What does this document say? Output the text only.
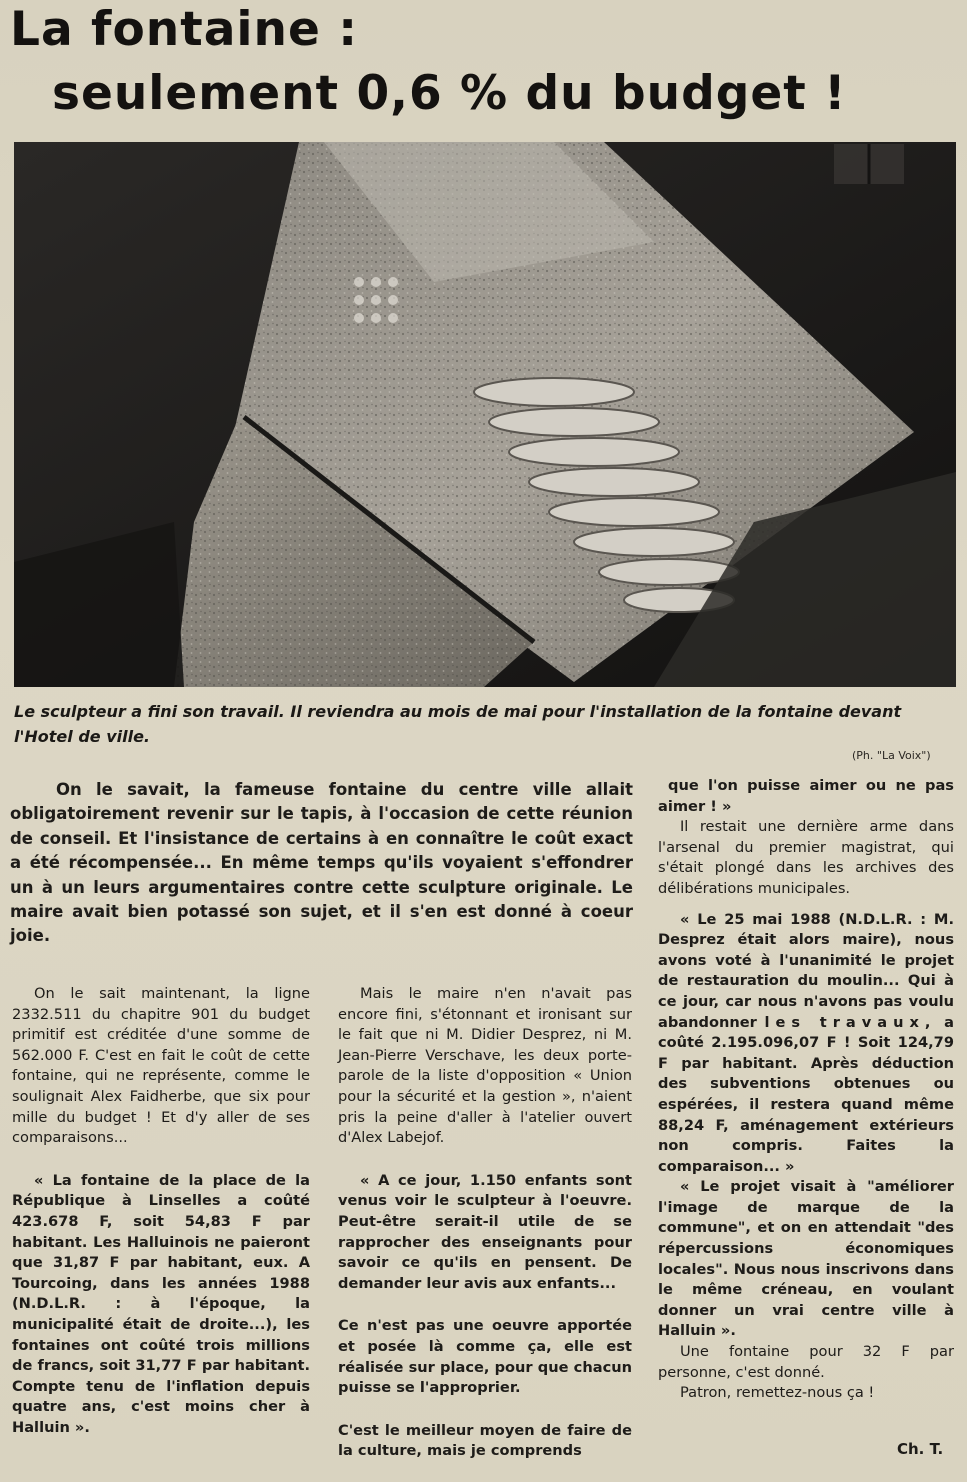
La fontaine :
seulement 0,6 % du budget !
Le sculpteur a fini son travail. Il reviendra au mois de mai pour l'installation de la fontaine devant l'Hotel de ville.
(Ph. "La Voix")

On le savait, la fameuse fontaine du centre ville allait obligatoirement revenir sur le tapis, à l'occasion de cette réunion de conseil. Et l'insistance de certains à en connaître le coût exact a été récompensée... En même temps qu'ils voyaient s'effondrer un à un leurs argumentaires contre cette sculpture originale. Le maire avait bien potassé son sujet, et il s'en est donné à coeur joie.

On le sait maintenant, la ligne 2332.511 du chapitre 901 du budget primitif est créditée d'une somme de 562.000 F. C'est en fait le coût de cette fontaine, qui ne représente, comme le soulignait Alex Faidherbe, que six pour mille du budget ! Et d'y aller de ses comparaisons...

« La fontaine de la place de la République à Linselles a coûté 423.678 F, soit 54,83 F par habitant. Les Halluinois ne paieront que 31,87 F par habitant, eux. A Tourcoing, dans les années 1988 (N.D.L.R. : à l'époque, la municipalité était de droite...), les fontaines ont coûté trois millions de francs, soit 31,77 F par habitant. Compte tenu de l'inflation depuis quatre ans, c'est moins cher à Halluin ».

Mais le maire n'en n'avait pas encore fini, s'étonnant et ironisant sur le fait que ni M. Didier Desprez, ni M. Jean-Pierre Verschave, les deux porte-parole de la liste d'opposition « Union pour la sécurité et la gestion », n'aient pris la peine d'aller à l'atelier ouvert d'Alex Labejof.

« A ce jour, 1.150 enfants sont venus voir le sculpteur à l'oeuvre. Peut-être serait-il utile de se rapprocher des enseignants pour savoir ce qu'ils en pensent. De demander leur avis aux enfants...

Ce n'est pas une oeuvre apportée et posée là comme ça, elle est réalisée sur place, pour que chacun puisse se l'approprier.

C'est le meilleur moyen de faire de la culture, mais je comprends

que l'on puisse aimer ou ne pas aimer ! »

Il restait une dernière arme dans l'arsenal du premier magistrat, qui s'était plongé dans les archives des délibérations municipales.

« Le 25 mai 1988 (N.D.L.R. : M. Desprez était alors maire), nous avons voté à l'unanimité le projet de restauration du moulin... Qui à ce jour, car nous n'avons pas voulu abandonner les travaux, a coûté 2.195.096,07 F ! Soit 124,79 F par habitant. Après déduction des subventions obtenues ou espérées, il restera quand même 88,24 F, aménagement extérieurs non compris. Faites la comparaison... »

« Le projet visait à "améliorer l'image de marque de la commune", et on en attendait "des répercussions économiques locales". Nous nous inscrivons dans le même créneau, en voulant donner un vrai centre ville à Halluin ».

Une fontaine pour 32 F par personne, c'est donné.

Patron, remettez-nous ça !

Ch. T.
